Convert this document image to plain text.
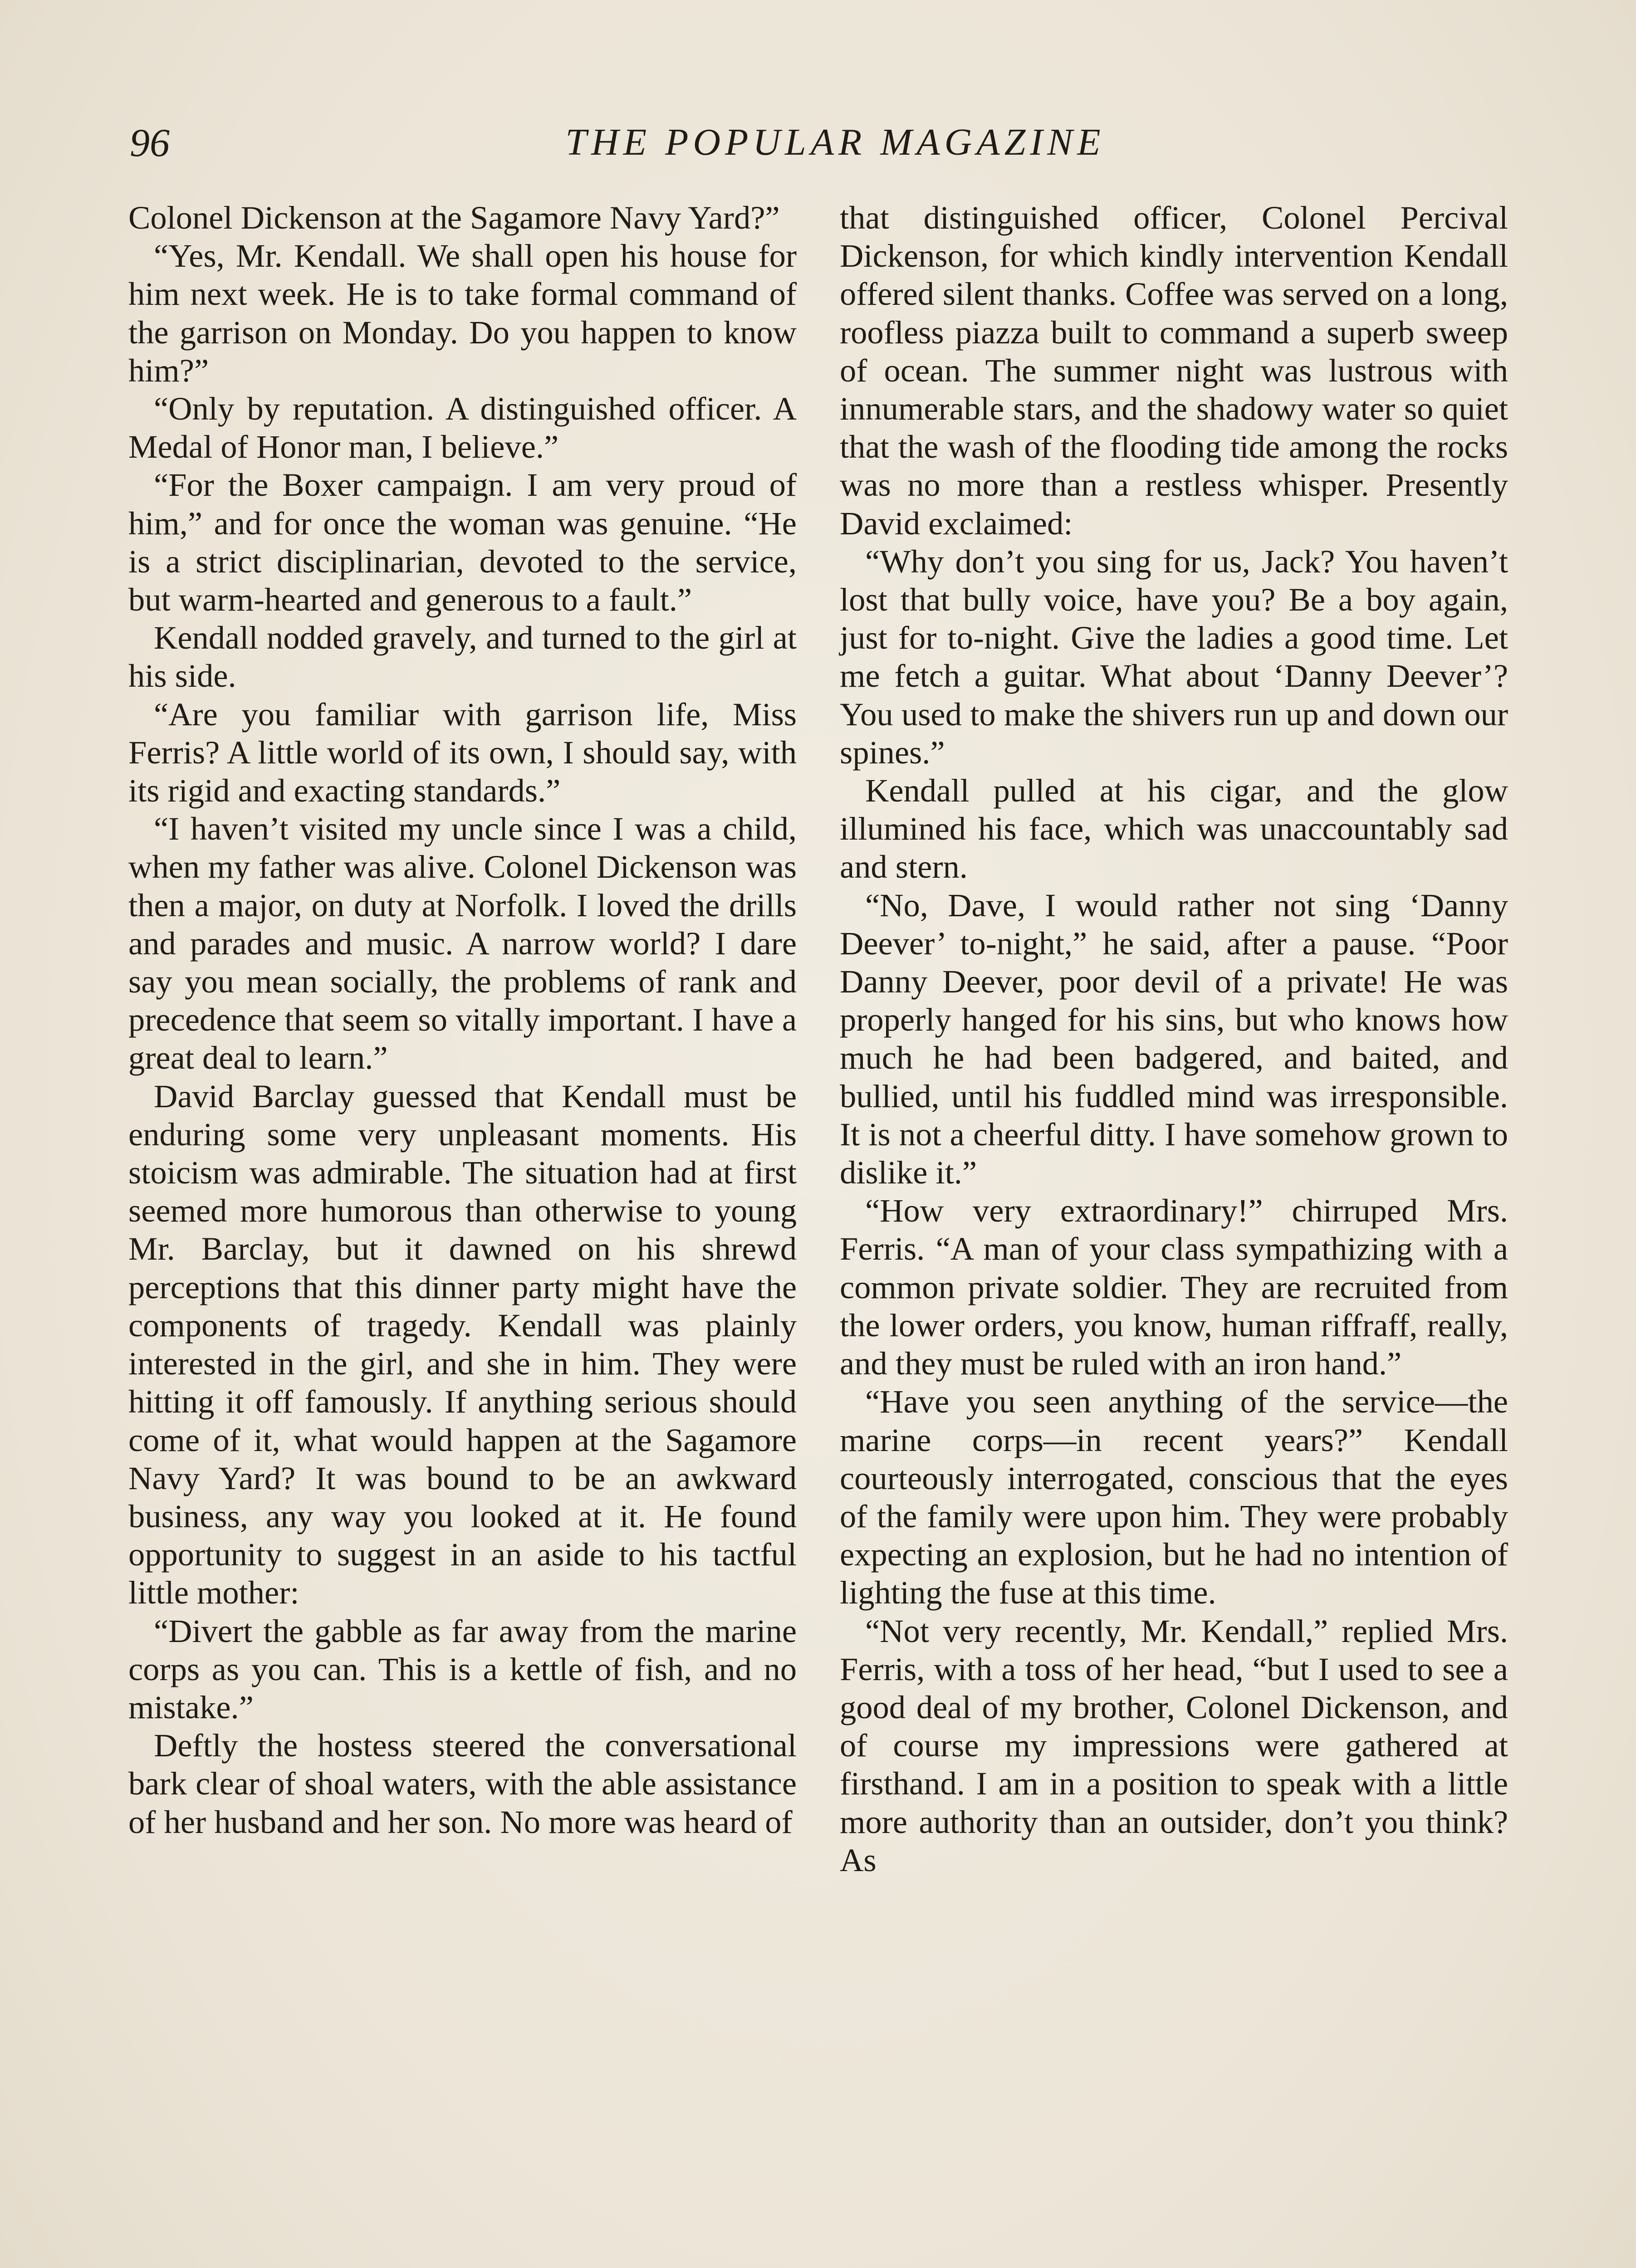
96	THE POPULAR MAGAZINE

Colonel Dickenson at the Sagamore Navy Yard?”

“Yes, Mr. Kendall. We shall open his house for him next week. He is to take formal command of the garrison on Monday. Do you happen to know him?”

“Only by reputation. A distinguished officer. A Medal of Honor man, I believe.”

“For the Boxer campaign. I am very proud of him,” and for once the woman was genuine. “He is a strict disciplinarian, devoted to the service, but warm-hearted and generous to a fault.”

Kendall nodded gravely, and turned to the girl at his side.

“Are you familiar with garrison life, Miss Ferris? A little world of its own, I should say, with its rigid and exacting standards.”

“I haven’t visited my uncle since I was a child, when my father was alive. Colonel Dickenson was then a major, on duty at Norfolk. I loved the drills and parades and music. A narrow world? I dare say you mean socially, the problems of rank and precedence that seem so vitally important. I have a great deal to learn.”

David Barclay guessed that Kendall must be enduring some very unpleasant moments. His stoicism was admirable. The situation had at first seemed more humorous than otherwise to young Mr. Barclay, but it dawned on his shrewd perceptions that this dinner party might have the components of tragedy. Kendall was plainly interested in the girl, and she in him. They were hitting it off famously. If anything serious should come of it, what would happen at the Sagamore Navy Yard? It was bound to be an awkward business, any way you looked at it. He found opportunity to suggest in an aside to his tactful little mother:

“Divert the gabble as far away from the marine corps as you can. This is a kettle of fish, and no mistake.”

Deftly the hostess steered the conversational bark clear of shoal waters, with the able assistance of her husband and her son. No more was heard of

that distinguished officer, Colonel Percival Dickenson, for which kindly intervention Kendall offered silent thanks. Coffee was served on a long, roofless piazza built to command a superb sweep of ocean. The summer night was lustrous with innumerable stars, and the shadowy water so quiet that the wash of the flooding tide among the rocks was no more than a restless whisper. Presently David exclaimed:

“Why don’t you sing for us, Jack? You haven’t lost that bully voice, have you? Be a boy again, just for to-night. Give the ladies a good time. Let me fetch a guitar. What about ‘Danny Deever’? You used to make the shivers run up and down our spines.”

Kendall pulled at his cigar, and the glow illumined his face, which was unaccountably sad and stern.

“No, Dave, I would rather not sing ‘Danny Deever’ to-night,” he said, after a pause. “Poor Danny Deever, poor devil of a private! He was properly hanged for his sins, but who knows how much he had been badgered, and baited, and bullied, until his fuddled mind was irresponsible. It is not a cheerful ditty. I have somehow grown to dislike it.”

“How very extraordinary!” chirruped Mrs. Ferris. “A man of your class sympathizing with a common private soldier. They are recruited from the lower orders, you know, human riffraff, really, and they must be ruled with an iron hand.”

“Have you seen anything of the service—the marine corps—in recent years?” Kendall courteously interrogated, conscious that the eyes of the family were upon him. They were probably expecting an explosion, but he had no intention of lighting the fuse at this time.

“Not very recently, Mr. Kendall,” replied Mrs. Ferris, with a toss of her head, “but I used to see a good deal of my brother, Colonel Dickenson, and of course my impressions were gathered at firsthand. I am in a position to speak with a little more authority than an outsider, don’t you think? As
